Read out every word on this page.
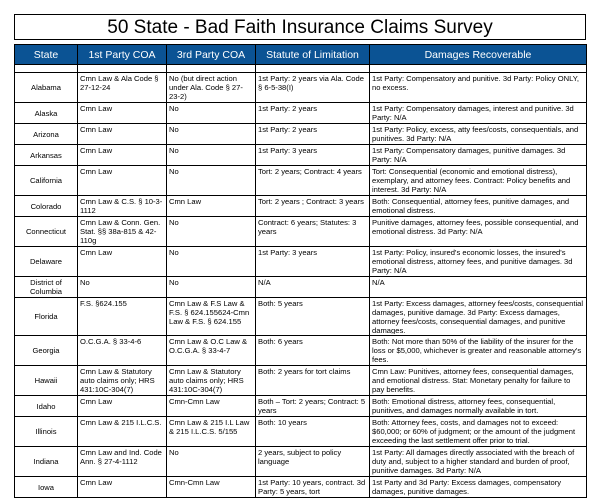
50 State - Bad Faith Insurance Claims Survey
State	1st Party COA	3rd Party COA	Statute of Limitation	Damages Recoverable

Alabama	Cmn Law & Ala Code § 27-12-24	No (but direct action under Ala. Code § 27-23-2)	1st Party: 2 years via Ala. Code § 6-5-38(I)	1st Party: Compensatory and punitive. 3d Party: Policy ONLY, no excess.

Alaska	Cmn Law	No	1st Party: 2 years	1st Party: Compensatory damages, interest and punitive. 3d Party: N/A

Arizona	Cmn Law	No	1st Party: 2 years	1st Party: Policy, excess, atty fees/costs, consequentials, and punitives. 3d Party: N/A

Arkansas	Cmn Law	No	1st Party: 3 years	1st Party: Compensatory damages, punitive damages. 3d Party: N/A

California	Cmn Law	No	Tort: 2 years; Contract: 4 years	Tort: Consequential (economic and emotional distress), exemplary, and attorney fees. Contract: Policy benefits and interest. 3d Party: N/A

Colorado	Cmn Law & C.S. § 10-3-1112	Cmn Law	Tort: 2 years ; Contract: 3 years	Both: Consequential, attorney fees, punitive damages, and emotional distress.

Connecticut	Cmn Law & Conn. Gen. Stat. §§ 38a-815 & 42-110g	No	Contract: 6 years; Statutes: 3 years	Punitive damages, attorney fees, possible consequential, and emotional distress. 3d Party: N/A

Delaware	Cmn Law	No	1st Party: 3 years	1st Party: Policy, insured's economic losses, the insured's emotional distress, attorney fees, and punitive damages. 3d Party: N/A

District of Columbia	No	No	N/A	N/A

Florida	F.S. §624.155	Cmn Law & F.S Law & F.S. § 624.155624-Cmn Law & F.S. § 624.155	Both: 5 years	1st Party: Excess damages, attorney fees/costs, consequential damages, punitive damage. 3d Party: Excess damages, attorney fees/costs, consequential damages, and punitive damages.

Georgia	O.C.G.A. § 33-4-6	Cmn Law & O.C Law & O.C.G.A. § 33-4-7	Both: 6 years	Both: Not more than 50% of the liability of the insurer for the loss or $5,000, whichever is greater and reasonable attorney's fees.

Hawaii	Cmn Law & Statutory auto claims only; HRS 431:10C-304(7)	Cmn Law & Statutory auto claims only; HRS 431:10C-304(7)	Both: 2 years for tort claims	Cmn Law: Punitives, attorney fees, consequential damages, and emotional distress. Stat: Monetary penalty for failure to pay benefits.

Idaho	Cmn Law	Cmn-Cmn Law	Both – Tort: 2 years; Contract: 5 years	Both: Emotional distress, attorney fees, consequential, punitives, and damages normally available in tort.

Illinois	Cmn Law & 215 I.L.C.S.	Cmn Law & 215 I.L Law & 215 I.L.C.S. 5/155	Both: 10 years	Both: Attorney fees, costs, and damages not to exceed: $60,000; or 60% of judgment; or the amount of the judgment exceeding the last settlement offer prior to trial.

Indiana	Cmn Law and Ind. Code Ann. § 27-4-1112	No	2 years, subject to policy language	1st Party: All damages directly associated with the breach of duty and, subject to a higher standard and burden of proof, punitive damages. 3d Party: N/A

Iowa	Cmn Law	Cmn-Cmn Law	1st Party: 10 years, contract. 3d Party: 5 years, tort	1st Party and 3d Party: Excess damages, compensatory damages, punitive damages.
